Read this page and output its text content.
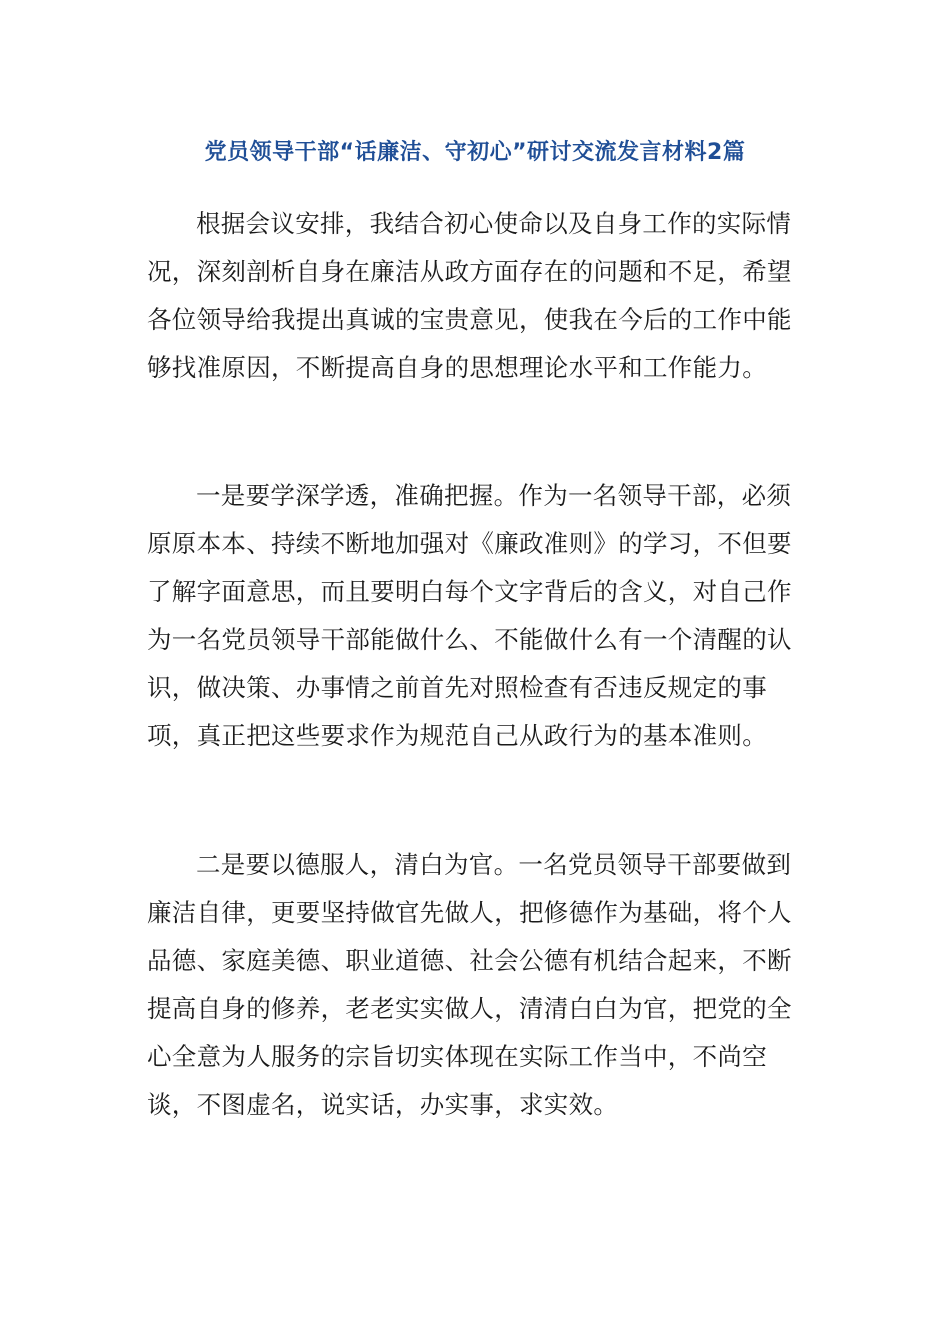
党员领导干部“话廉洁、守初心”研讨交流发言材料2篇

根据会议安排，我结合初心使命以及自身工作的实际情况，深刻剖析自身在廉洁从政方面存在的问题和不足，希望各位领导给我提出真诚的宝贵意见，使我在今后的工作中能够找准原因，不断提高自身的思想理论水平和工作能力。

一是要学深学透，准确把握。作为一名领导干部，必须原原本本、持续不断地加强对《廉政准则》的学习，不但要了解字面意思，而且要明白每个文字背后的含义，对自己作为一名党员领导干部能做什么、不能做什么有一个清醒的认识，做决策、办事情之前首先对照检查有否违反规定的事项，真正把这些要求作为规范自己从政行为的基本准则。

二是要以德服人，清白为官。一名党员领导干部要做到廉洁自律，更要坚持做官先做人，把修德作为基础，将个人品德、家庭美德、职业道德、社会公德有机结合起来，不断提高自身的修养，老老实实做人，清清白白为官，把党的全心全意为人服务的宗旨切实体现在实际工作当中，不尚空谈，不图虚名，说实话，办实事，求实效。
